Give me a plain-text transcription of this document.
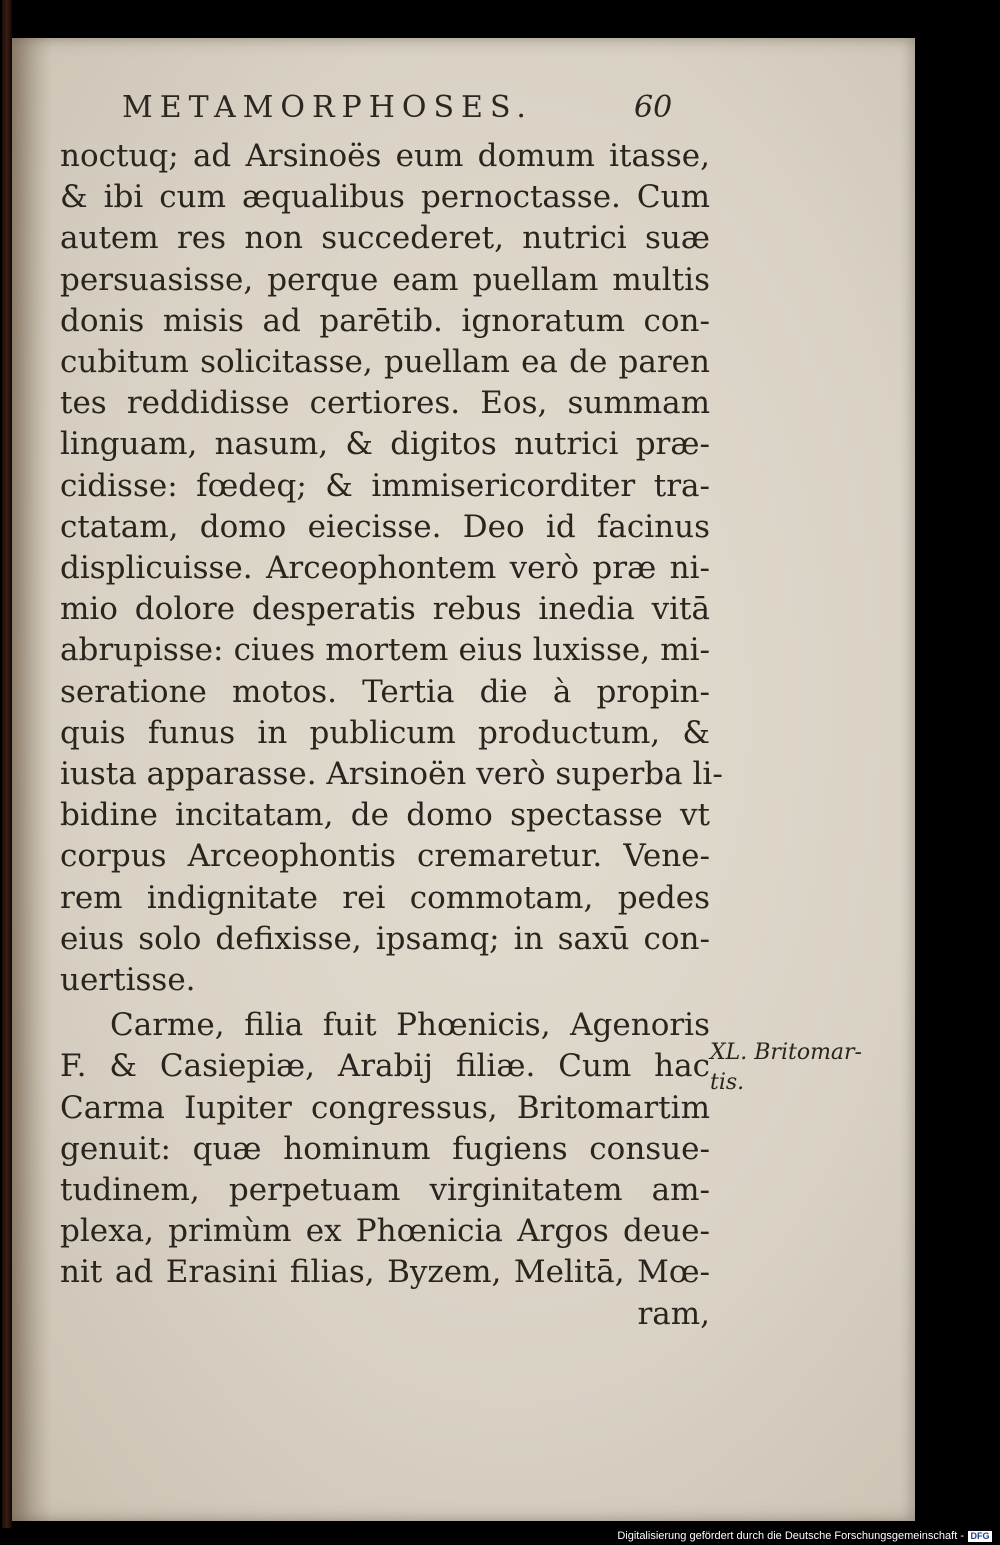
METAMORPHOSES.	60
noctuq; ad Arsinoës eum domum itasse,
& ibi cum æqualibus pernoctasse. Cum
autem res non succederet, nutrici suæ
persuasisse, perque eam puellam multis
donis misis ad parētib. ignoratum con-
cubitum solicitasse, puellam ea de paren
tes reddidisse certiores. Eos, summam
linguam, nasum, & digitos nutrici præ-
cidisse: fœdeq; & immisericorditer tra-
ctatam, domo eiecisse. Deo id facinus
displicuisse. Arceophontem verò præ ni-
mio dolore desperatis rebus inedia vitā
abrupisse: ciues mortem eius luxisse, mi-
seratione motos. Tertia die à propin-
quis funus in publicum productum, &
iusta apparasse. Arsinoën verò superba li-
bidine incitatam, de domo spectasse vt
corpus Arceophontis cremaretur. Vene-
rem indignitate rei commotam, pedes
eius solo defixisse, ipsamq; in saxū con-
uertisse.
Carme, filia fuit Phœnicis, Agenoris
F. & Casiepiæ, Arabij filiæ. Cum hac
Carma Iupiter congressus, Britomartim
genuit: quæ hominum fugiens consue-
tudinem, perpetuam virginitatem am-
plexa, primùm ex Phœnicia Argos deue-
nit ad Erasini filias, Byzem, Melitā, Mœ-
ram,
XL. Britomar-
tis.
Digitalisierung gefördert durch die Deutsche Forschungsgemeinschaft - DFG
